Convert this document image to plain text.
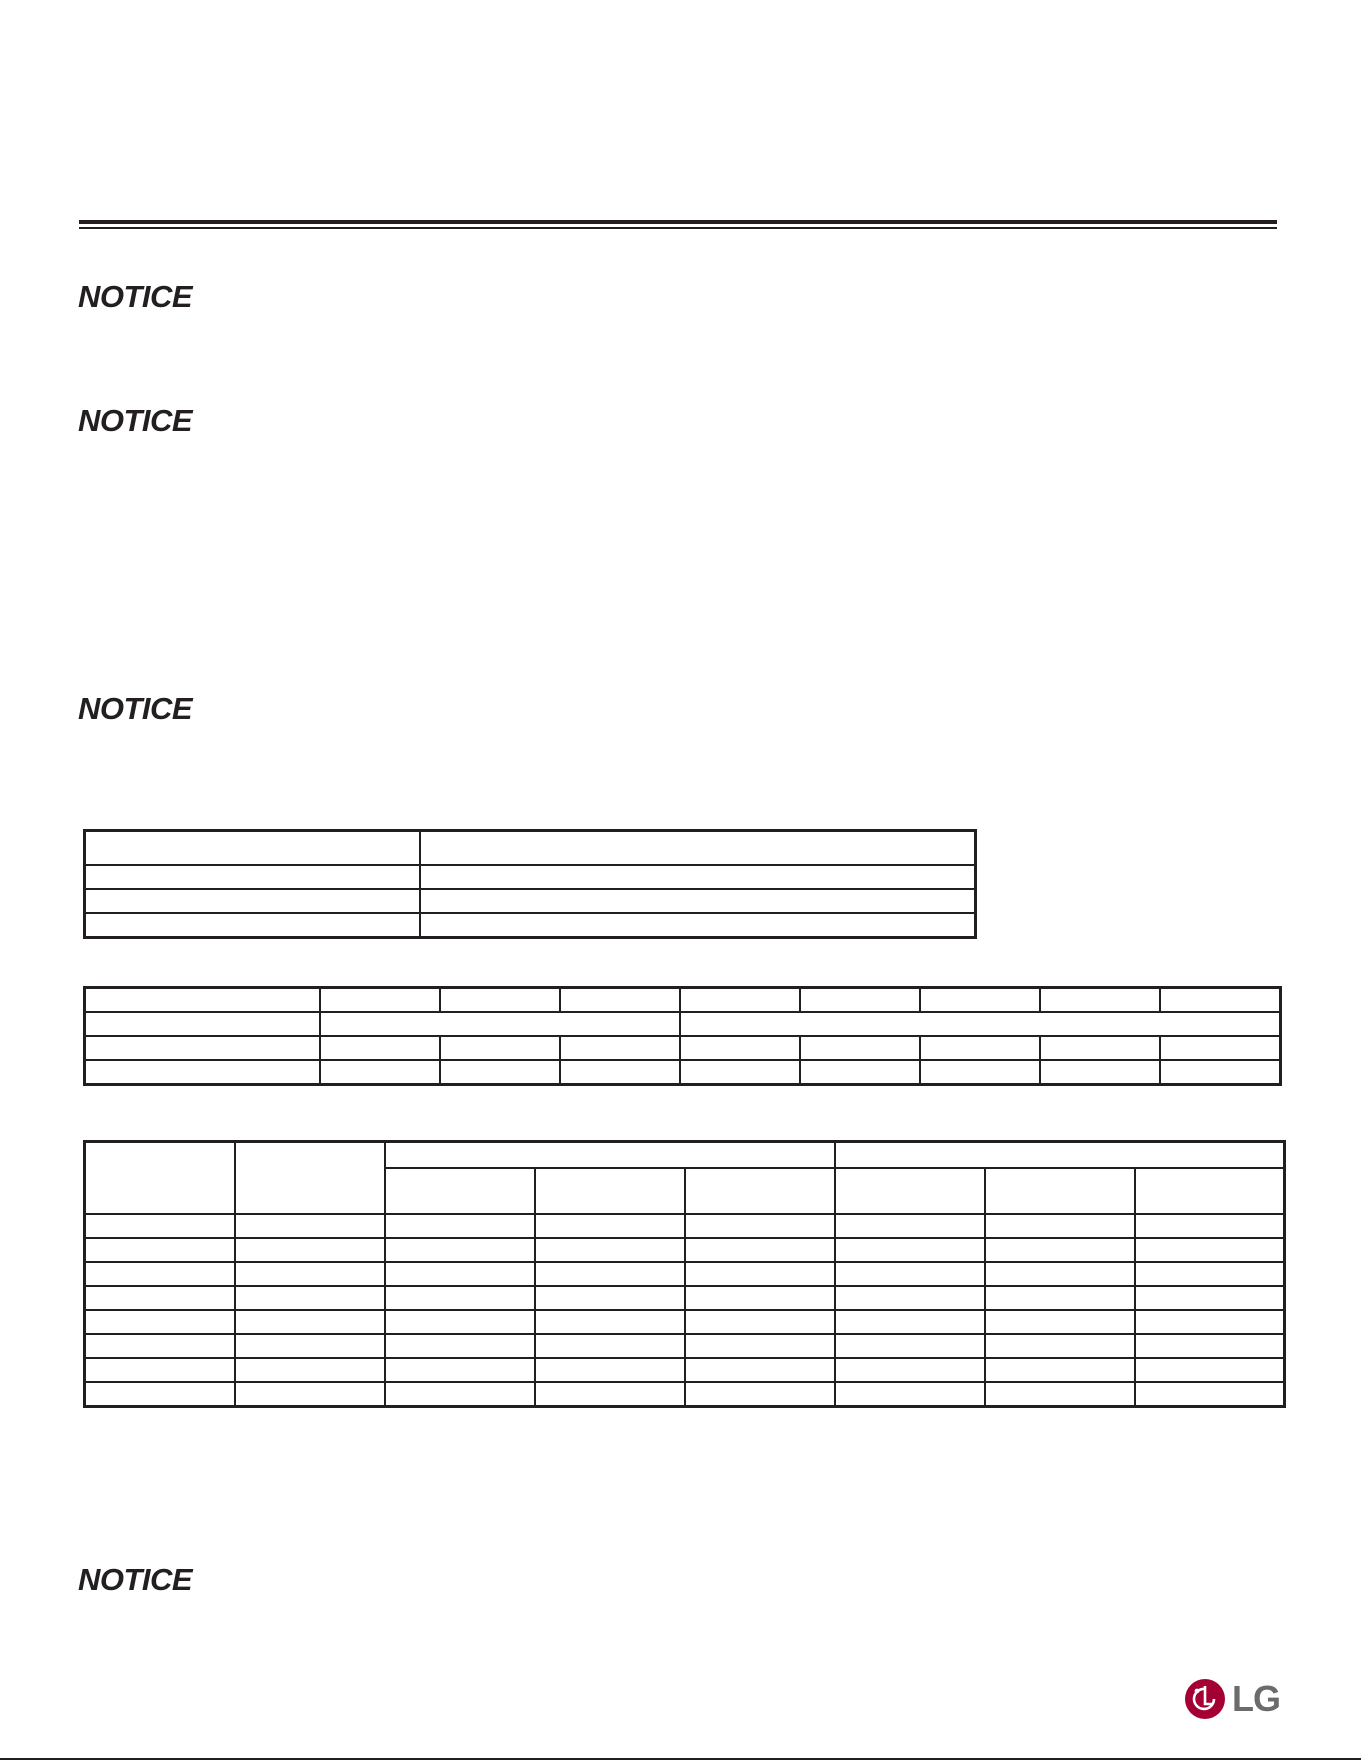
NOTICE
NOTICE
NOTICE

NOTICE
LG
